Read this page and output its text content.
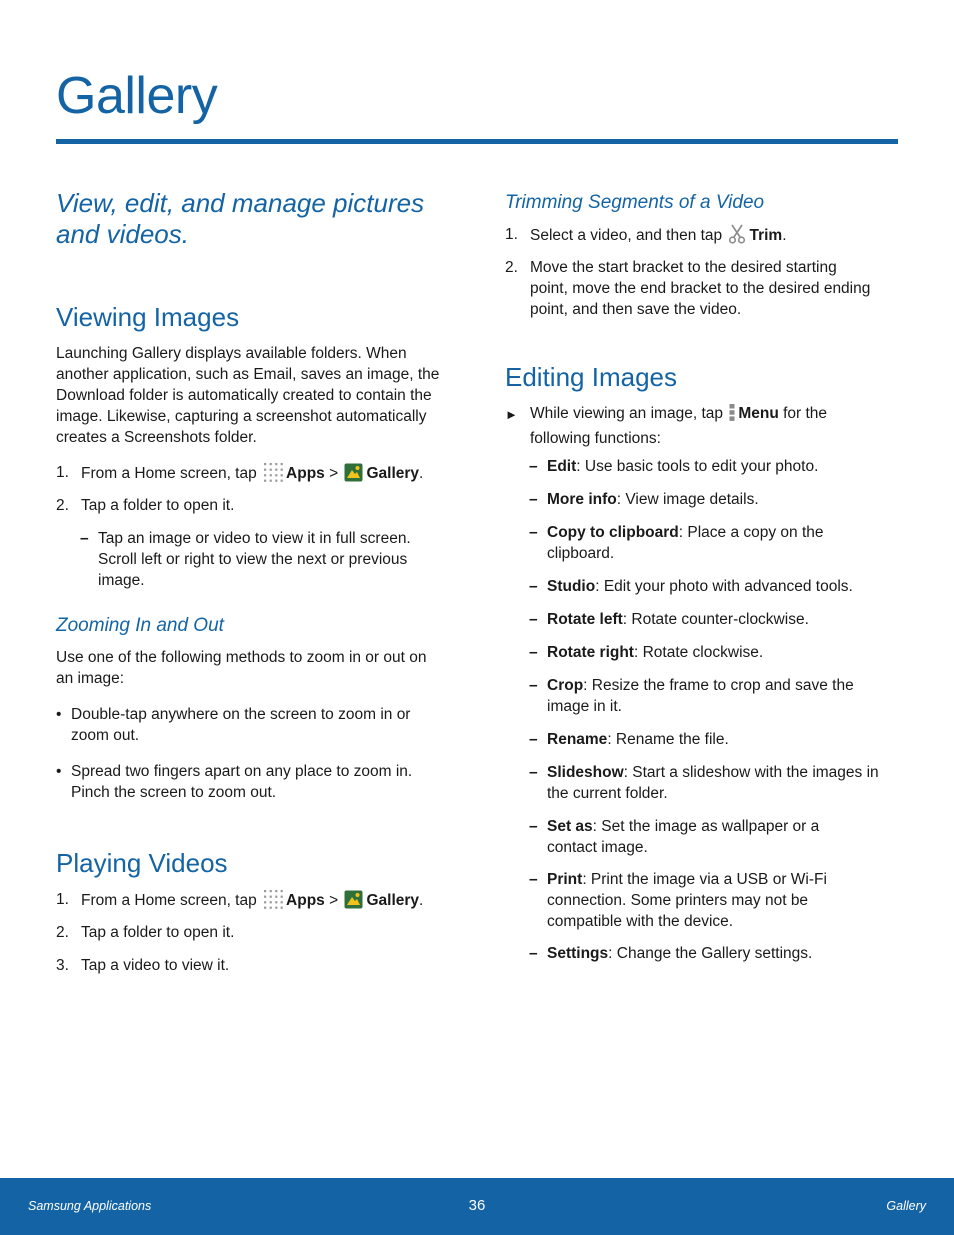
Gallery
View, edit, and manage pictures and videos.
Viewing Images

Launching Gallery displays available folders. When another application, such as Email, saves an image, the Download folder is automatically created to contain the image. Likewise, capturing a screenshot automatically creates a Screenshots folder.

1. From a Home screen, tap Apps > Gallery.
2. Tap a folder to open it.
– Tap an image or video to view it in full screen. Scroll left or right to view the next or previous image.
Zooming In and Out

Use one of the following methods to zoom in or out on an image:

• Double-tap anywhere on the screen to zoom in or zoom out.
• Spread two fingers apart on any place to zoom in. Pinch the screen to zoom out.
Playing Videos
1. From a Home screen, tap Apps > Gallery.
2. Tap a folder to open it.
3. Tap a video to view it.
Trimming Segments of a Video
1. Select a video, and then tap Trim.
2. Move the start bracket to the desired starting point, move the end bracket to the desired ending point, and then save the video.
Editing Images
► While viewing an image, tap Menu for the following functions:
– Edit: Use basic tools to edit your photo.
– More info: View image details.
– Copy to clipboard: Place a copy on the clipboard.
– Studio: Edit your photo with advanced tools.
– Rotate left: Rotate counter-clockwise.
– Rotate right: Rotate clockwise.
– Crop: Resize the frame to crop and save the image in it.
– Rename: Rename the file.
– Slideshow: Start a slideshow with the images in the current folder.
– Set as: Set the image as wallpaper or a contact image.
– Print: Print the image via a USB or Wi-Fi connection. Some printers may not be compatible with the device.
– Settings: Change the Gallery settings.
Samsung Applications	36	Gallery
